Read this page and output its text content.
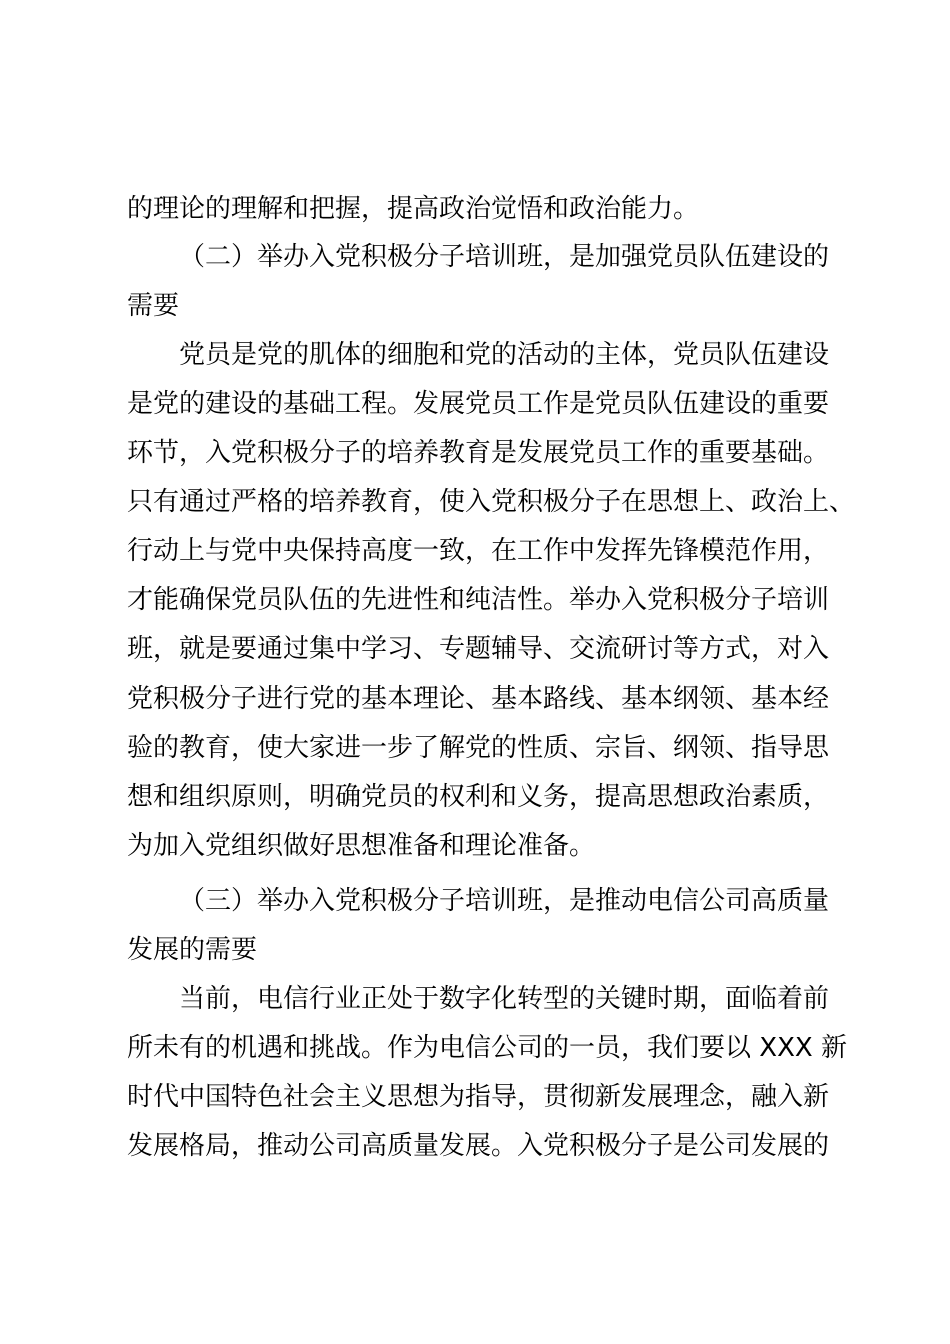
的理论的理解和把握，提高政治觉悟和政治能力。
（二）举办入党积极分子培训班，是加强党员队伍建设的
需要
党员是党的肌体的细胞和党的活动的主体，党员队伍建设
是党的建设的基础工程。发展党员工作是党员队伍建设的重要
环节，入党积极分子的培养教育是发展党员工作的重要基础。
只有通过严格的培养教育，使入党积极分子在思想上、政治上、
行动上与党中央保持高度一致，在工作中发挥先锋模范作用，
才能确保党员队伍的先进性和纯洁性。举办入党积极分子培训
班，就是要通过集中学习、专题辅导、交流研讨等方式，对入
党积极分子进行党的基本理论、基本路线、基本纲领、基本经
验的教育，使大家进一步了解党的性质、宗旨、纲领、指导思
想和组织原则，明确党员的权利和义务，提高思想政治素质，
为加入党组织做好思想准备和理论准备。
（三）举办入党积极分子培训班，是推动电信公司高质量
发展的需要
当前，电信行业正处于数字化转型的关键时期，面临着前
所未有的机遇和挑战。作为电信公司的一员，我们要以 XXX 新
时代中国特色社会主义思想为指导，贯彻新发展理念，融入新
发展格局，推动公司高质量发展。入党积极分子是公司发展的
